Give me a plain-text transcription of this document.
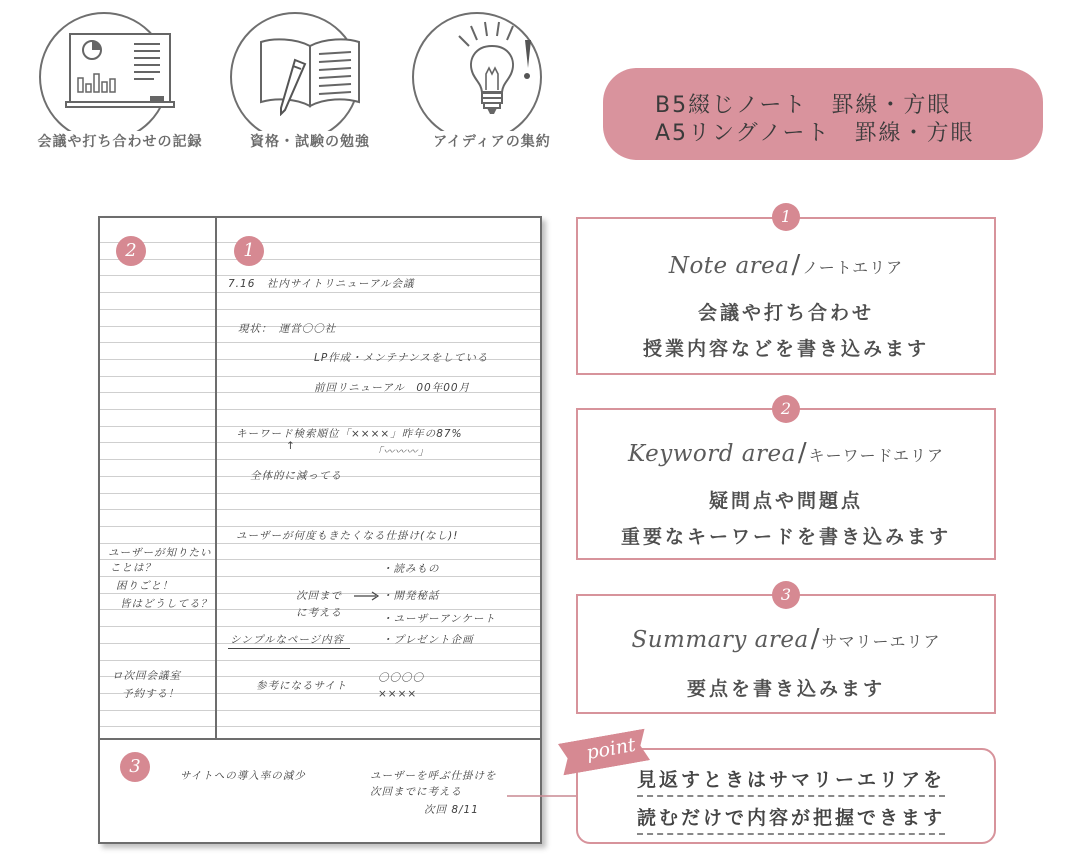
会議や打ち合わせの記録	資格・試験の勉強	アイディアの集約
B5綴じノート　罫線・方眼
A5リングノート　罫線・方眼
2	1
3
7.16　社内サイトリニューアル会議
現状：　運営〇〇社
LP作成・メンテナンスをしている
前回リニューアル　00年00月
キーワード検索順位「××××」昨年の87%
↑	「〰〰〰」
全体的に減ってる
ユーザーが何度もきたくなる仕掛け(なし)!
・読みもの
次回まで
に考える
・開発秘話
・ユーザーアンケート
シンプルなページ内容	・プレゼント企画
参考になるサイト
〇〇〇〇
××××
ユーザーが知りたい
ことは？
困りごと！
皆はどうしてる？
ロ次回会議室
予約する！
サイトへの導入率の減少	ユーザーを呼ぶ仕掛けを
次回までに考える
次回 8/11
1
Note area/ ノートエリア
会議や打ち合わせ
授業内容などを書き込みます
2
Keyword area/ キーワードエリア
疑問点や問題点
重要なキーワードを書き込みます
3
Summary area/ サマリーエリア
要点を書き込みます
point
見返すときはサマリーエリアを
読むだけで内容が把握できます
